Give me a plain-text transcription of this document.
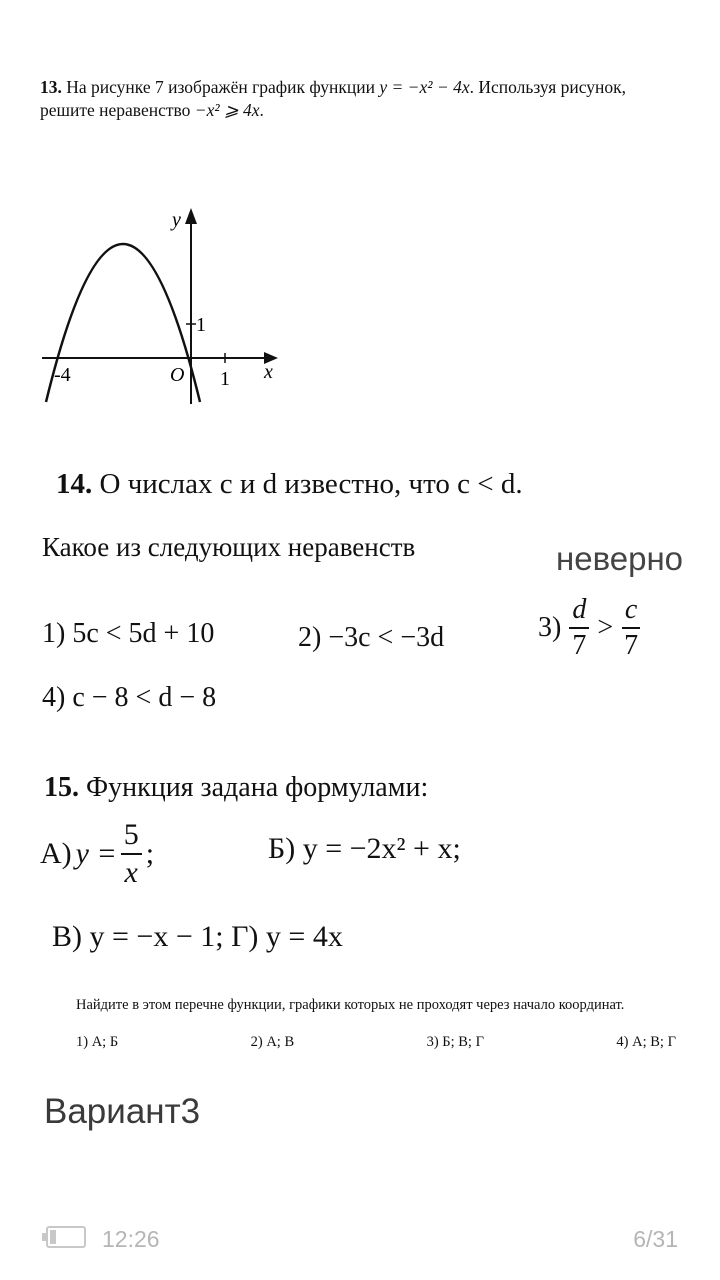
13. На рисунке 7 изображён график функции y = −x² − 4x. Используя рисунок, решите неравенство −x² ⩾ 4x.
y
x
O
-4	1
1
14. О числах c и d известно, что c < d.
Какое из следующих неравенств	неверно
1) 5c < 5d + 10	2) −3c < −3d	$3) \frac{d}{7} > \frac{c}{7}$
4) c − 8 < d − 8
15. Функция задана формулами:
А) $y = \frac{5}{x}$ ;	Б) y = −2x² + x;
В) y = −x − 1; Г) y = 4x
Найдите в этом перечне функции, графики которых не проходят через начало координат.
1) А; Б	2) А; В	3) Б; В; Г	4) А; В; Г
Вариант3
12:26	6/31
